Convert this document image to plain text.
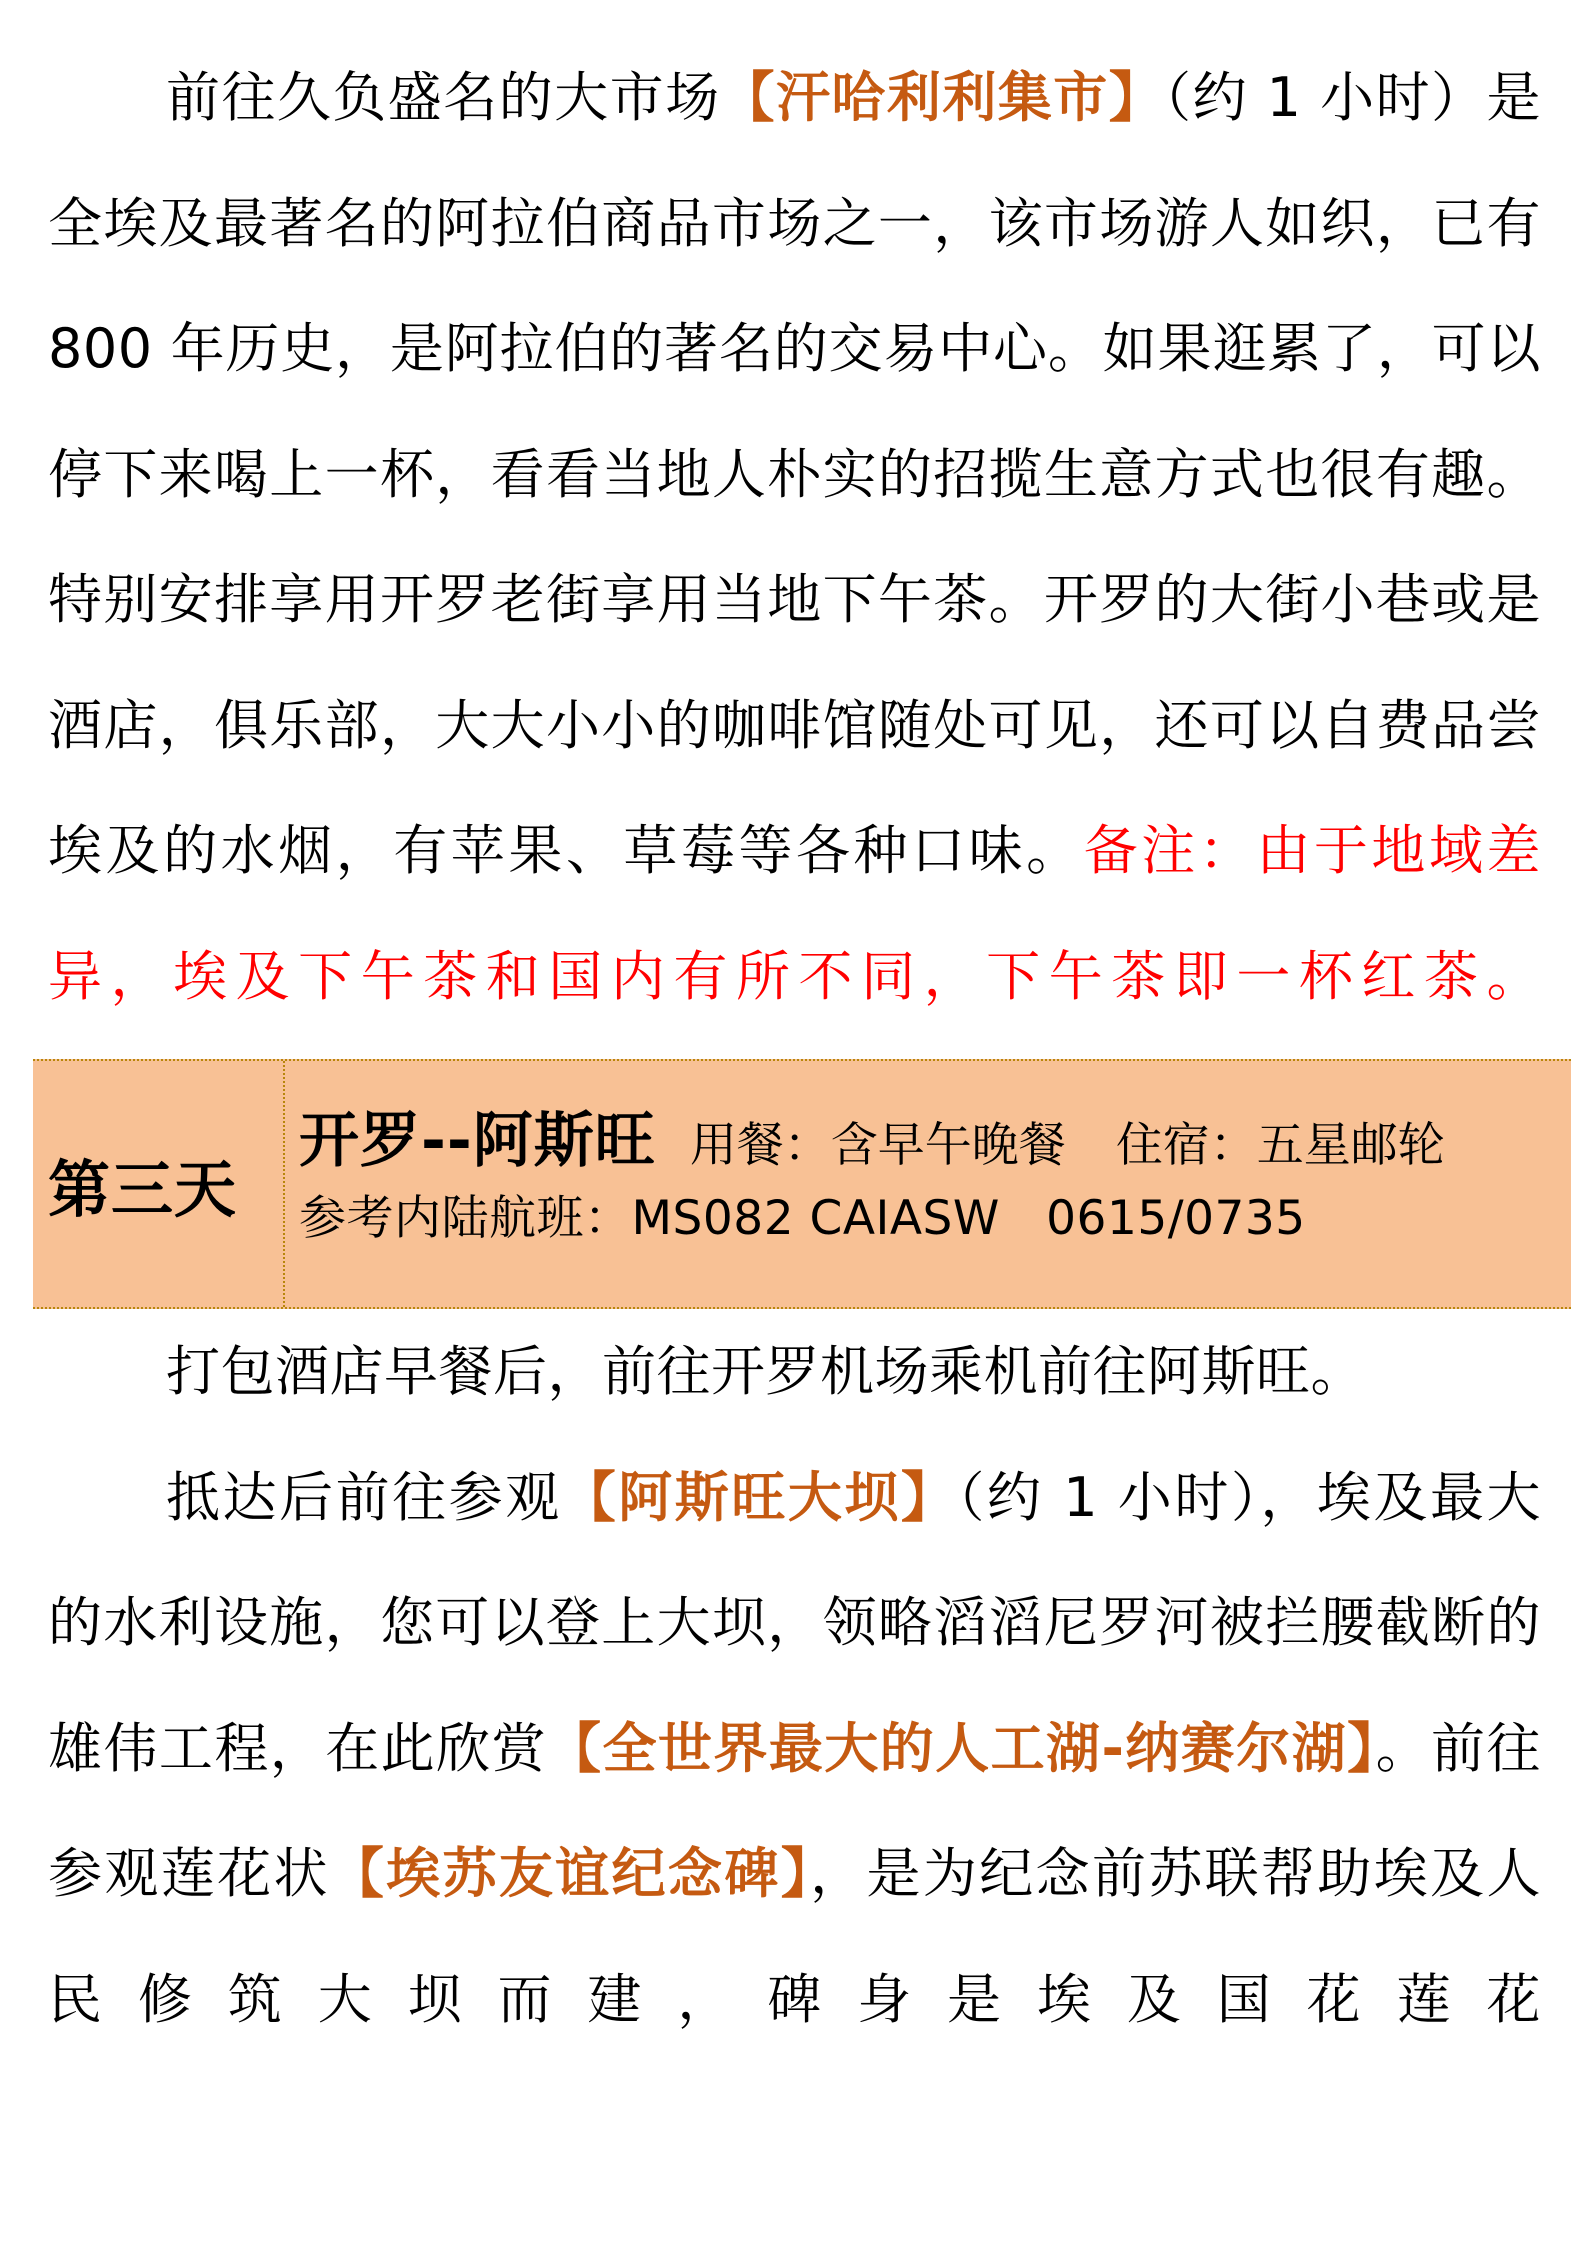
前往久负盛名的大市场【汗哈利利集市】（约 1 小时）是全埃及最著名的阿拉伯商品市场之一，该市场游人如织，已有 800 年历史，是阿拉伯的著名的交易中心。如果逛累了，可以停下来喝上一杯，看看当地人朴实的招揽生意方式也很有趣。特别安排享用开罗老街享用当地下午茶。开罗的大街小巷或是酒店，俱乐部，大大小小的咖啡馆随处可见，还可以自费品尝埃及的水烟，有苹果、草莓等各种口味。备注：由于地域差异，埃及下午茶和国内有所不同，下午茶即一杯红茶。

第三天
开罗--阿斯旺 用餐：含早午晚餐 住宿：五星邮轮
参考内陆航班：MS082 CAIASW   0615/0735

打包酒店早餐后，前往开罗机场乘机前往阿斯旺。

抵达后前往参观【阿斯旺大坝】（约 1 小时），埃及最大的水利设施，您可以登上大坝，领略滔滔尼罗河被拦腰截断的雄伟工程，在此欣赏【全世界最大的人工湖-纳赛尔湖】。前往参观莲花状【埃苏友谊纪念碑】，是为纪念前苏联帮助埃及人民修筑大坝而建，碑身是埃及国花莲花
